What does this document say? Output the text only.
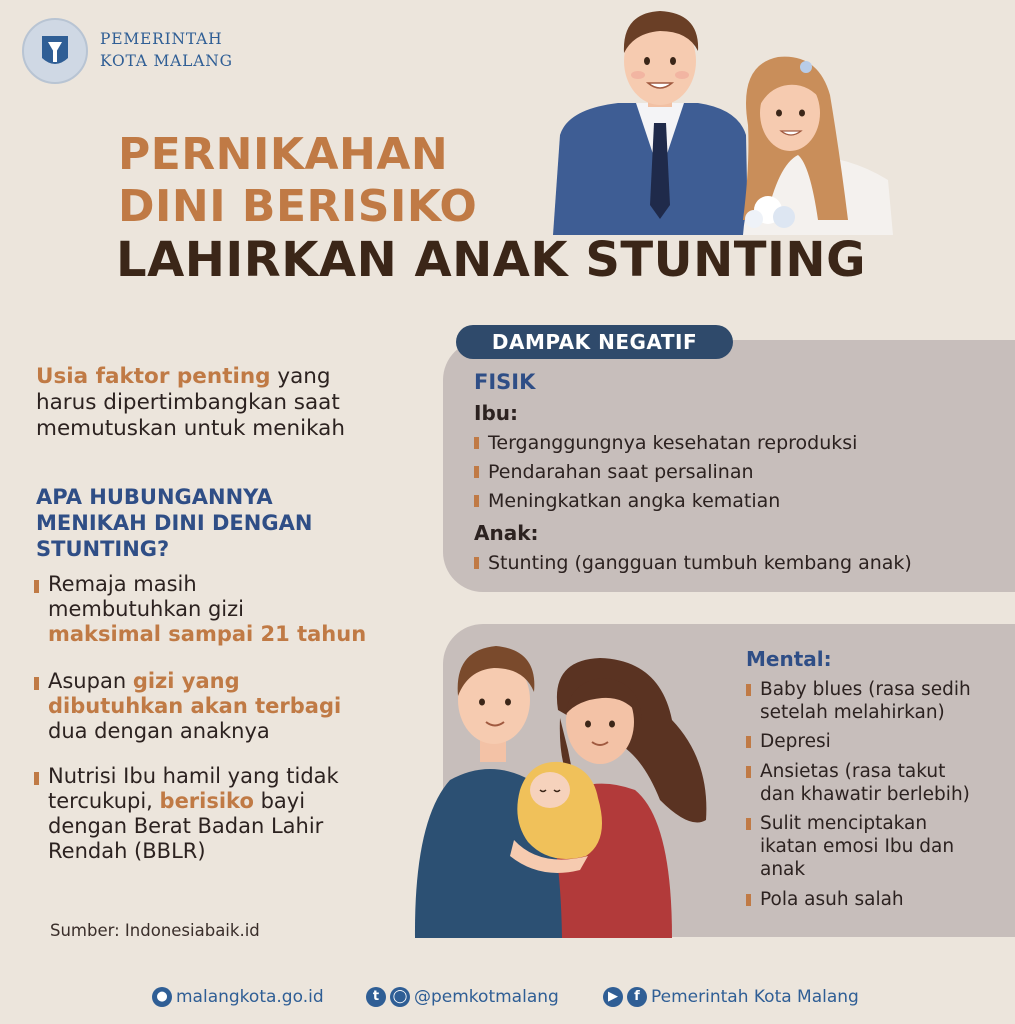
PEMERINTAH
KOTA MALANG
PERNIKAHAN
DINI BERISIKO
LAHIRKAN ANAK STUNTING
Usia faktor penting yang
harus dipertimbangkan saat
memutuskan untuk menikah
APA HUBUNGANNYA
MENIKAH DINI DENGAN
STUNTING?
Remaja masih
membutuhkan gizi
maksimal sampai 21 tahun
Asupan gizi yang
dibutuhkan akan terbagi
dua dengan anaknya
Nutrisi Ibu hamil yang tidak
tercukupi, berisiko bayi
dengan Berat Badan Lahir
Rendah (BBLR)
Sumber: Indonesiabaik.id
DAMPAK NEGATIF
FISIK
Ibu:
Terganggungnya kesehatan reproduksi
Pendarahan saat persalinan
Meningkatkan angka kematian
Anak:
Stunting (gangguan tumbuh kembang anak)
Mental:
Baby blues (rasa sedih
setelah melahirkan)
Depresi
Ansietas (rasa takut
dan khawatir berlebih)
Sulit menciptakan
ikatan emosi Ibu dan
anak
Pola asuh salah
● malangkota.go.id	t ◯ @pemkotmalang	▶ f Pemerintah Kota Malang
